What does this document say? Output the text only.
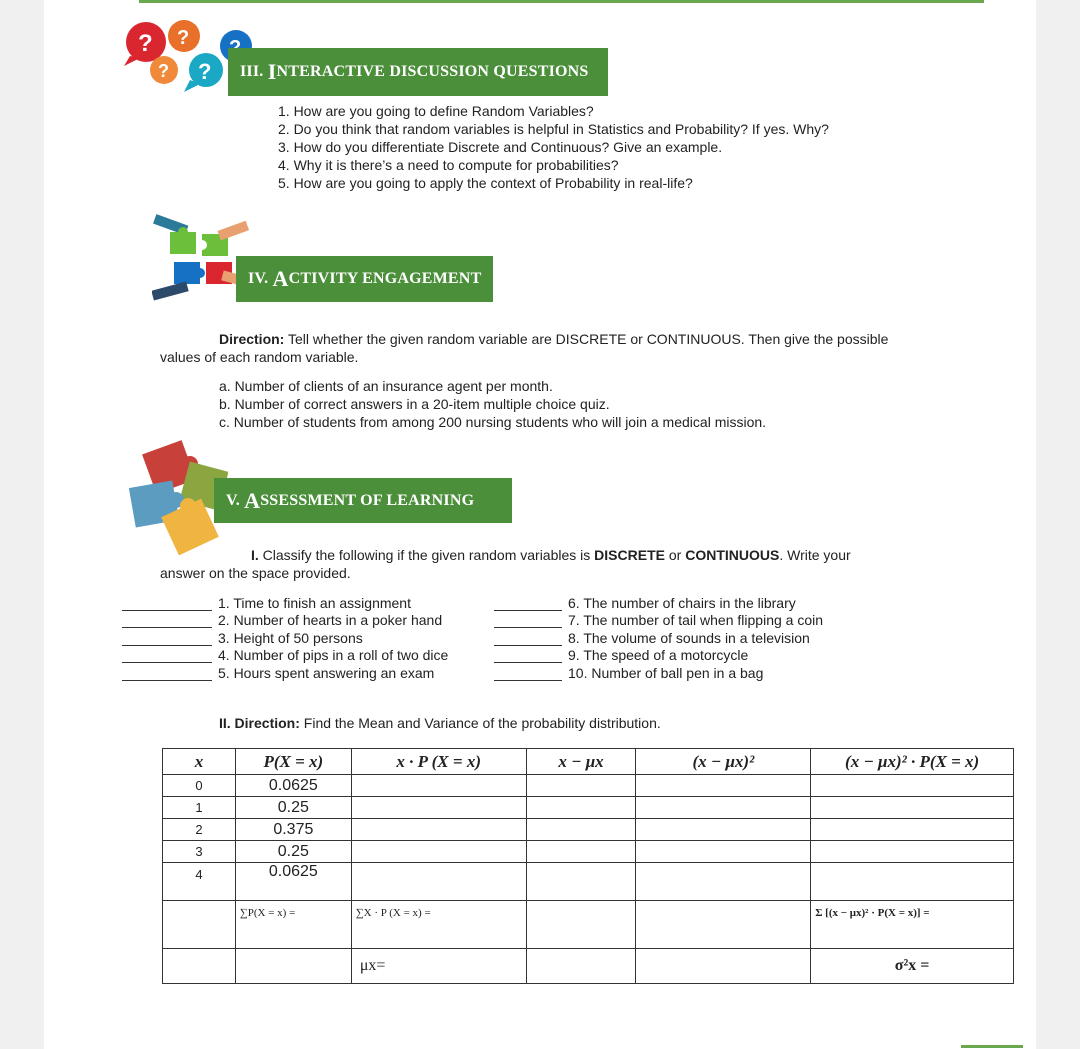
? ?
? ? III.
I NTERACTIVE DISCUSSION QUESTIONS
1. How are you going to define Random Variables?
2. Do you think that random variables is helpful in Statistics and Probability? If yes. Why?
3. How do you differentiate Discrete and Continuous? Give an example.
4. Why it is there’s a need to compute for probabilities?
5. How are you going to apply the context of Probability in real-life?
IV.
A CTIVITY ENGAGEMENT
Direction: Tell whether the given random variable are DISCRETE or CONTINUOUS. Then give the possible
values of each random variable.
a. Number of clients of an insurance agent per month.
b. Number of correct answers in a 20-item multiple choice quiz.
c. Number of students from among 200 nursing students who will join a medical mission.
V.
A SSESSMENT OF LEARNING
I. Classify the following if the given random variables is DISCRETE or CONTINUOUS. Write your
answer on the space provided.
1. Time to finish an assignment
2. Number of hearts in a poker hand
3. Height of 50 persons
4. Number of pips in a roll of two dice
5. Hours spent answering an exam
6. The number of chairs in the library
7. The number of tail when flipping a coin
8. The volume of sounds in a television
9. The speed of a motorcycle
10. Number of ball pen in a bag
II. Direction: Find the Mean and Variance of the probability distribution.
x	P(X = x)	x · P (X = x)	x − μx	(x − μx)²	(x − μx)² · P(X = x)
0	0.0625				
1	0.25				
2	0.375				
3	0.25				
4	0.0625				
	∑P(X = x) =	∑X · P (X = x) =			Σ [(x − μx)² · P(X = x)] =
		μx=			σ²x =
